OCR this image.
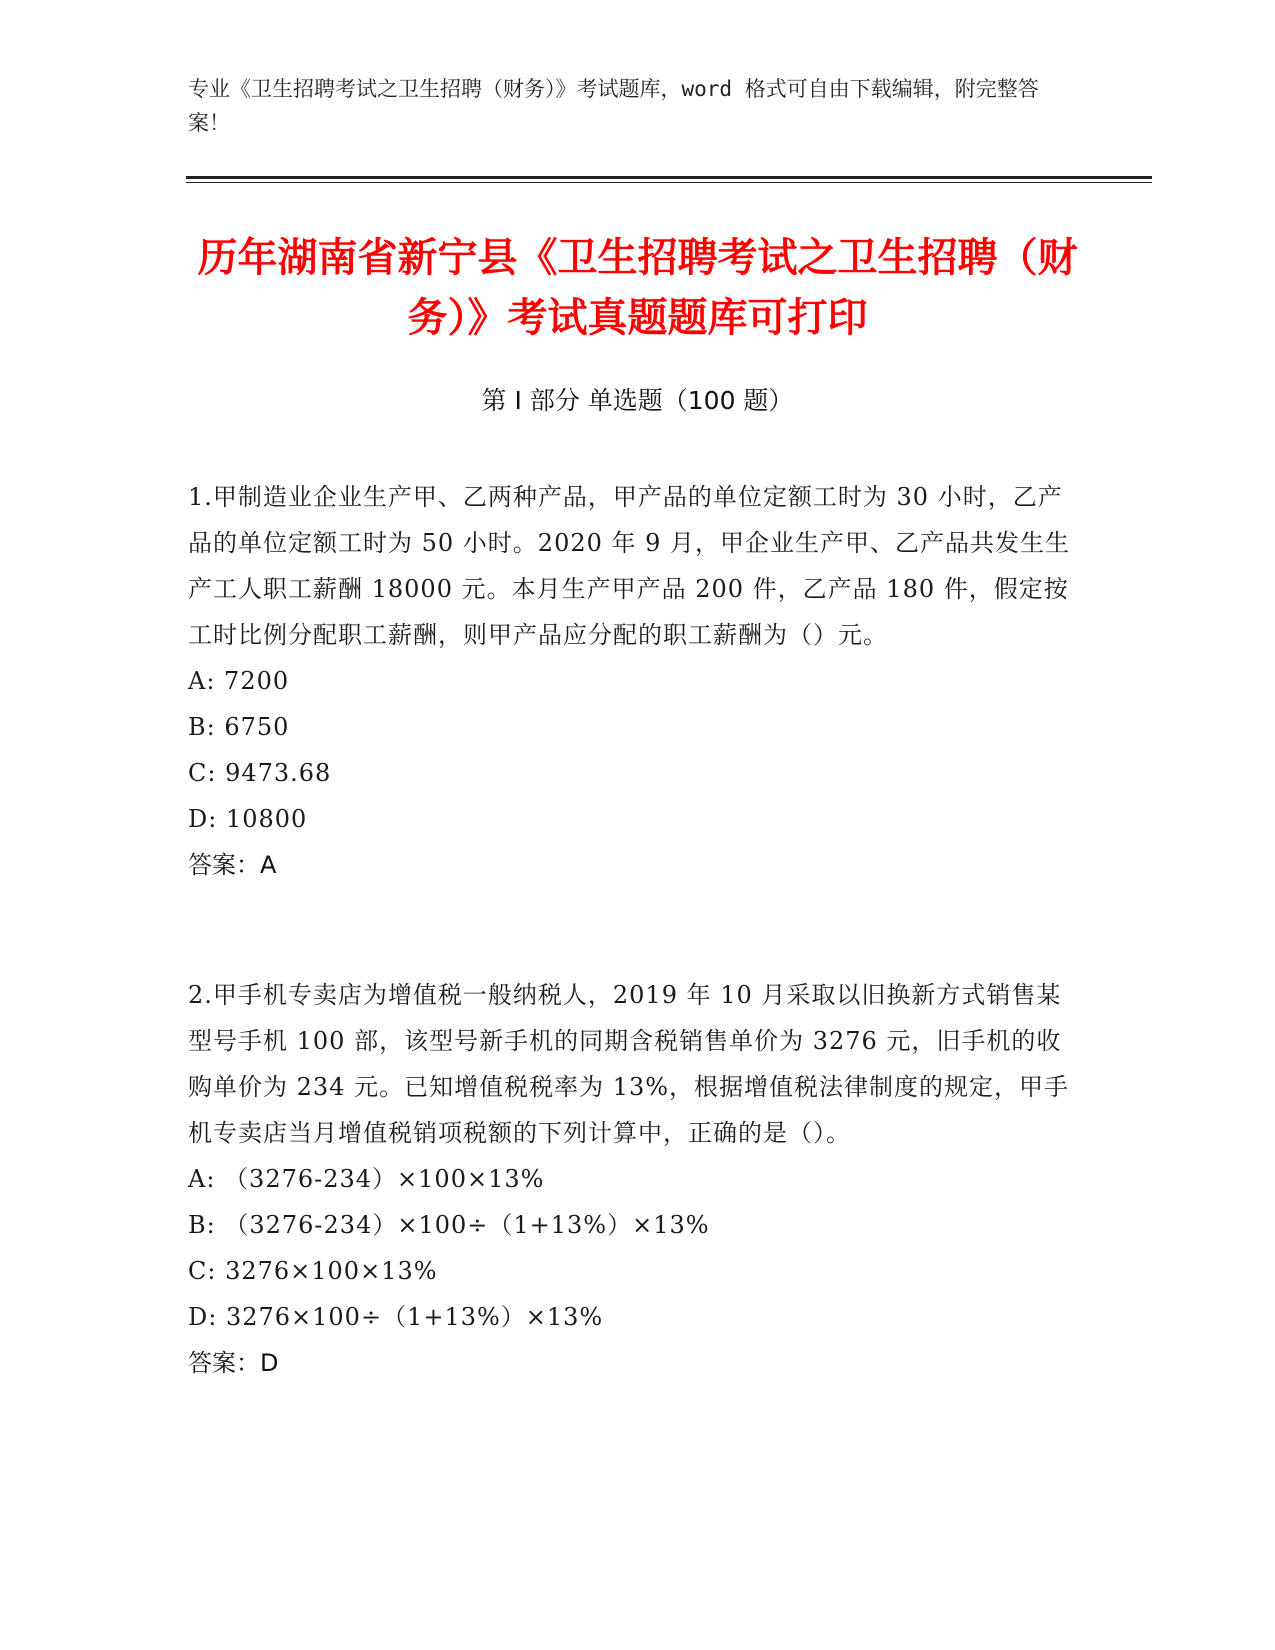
专业《卫生招聘考试之卫生招聘（财务）》考试题库，word 格式可自由下载编辑，附完整答案！
历年湖南省新宁县《卫生招聘考试之卫生招聘（财务）》考试真题题库可打印
第 I 部分 单选题（100 题）
1.甲制造业企业生产甲、乙两种产品，甲产品的单位定额工时为 30 小时，乙产品的单位定额工时为 50 小时。2020 年 9 月，甲企业生产甲、乙产品共发生生产工人职工薪酬 18000 元。本月生产甲产品 200 件，乙产品 180 件，假定按工时比例分配职工薪酬，则甲产品应分配的职工薪酬为（）元。
A: 7200
B: 6750
C: 9473.68
D: 10800
答案：A
2.甲手机专卖店为增值税一般纳税人，2019 年 10 月采取以旧换新方式销售某型号手机 100 部，该型号新手机的同期含税销售单价为 3276 元，旧手机的收购单价为 234 元。已知增值税税率为 13%，根据增值税法律制度的规定，甲手机专卖店当月增值税销项税额的下列计算中，正确的是（）。
A: （3276-234）×100×13%
B: （3276-234）×100÷（1+13%）×13%
C: 3276×100×13%
D: 3276×100÷（1+13%）×13%
答案：D
